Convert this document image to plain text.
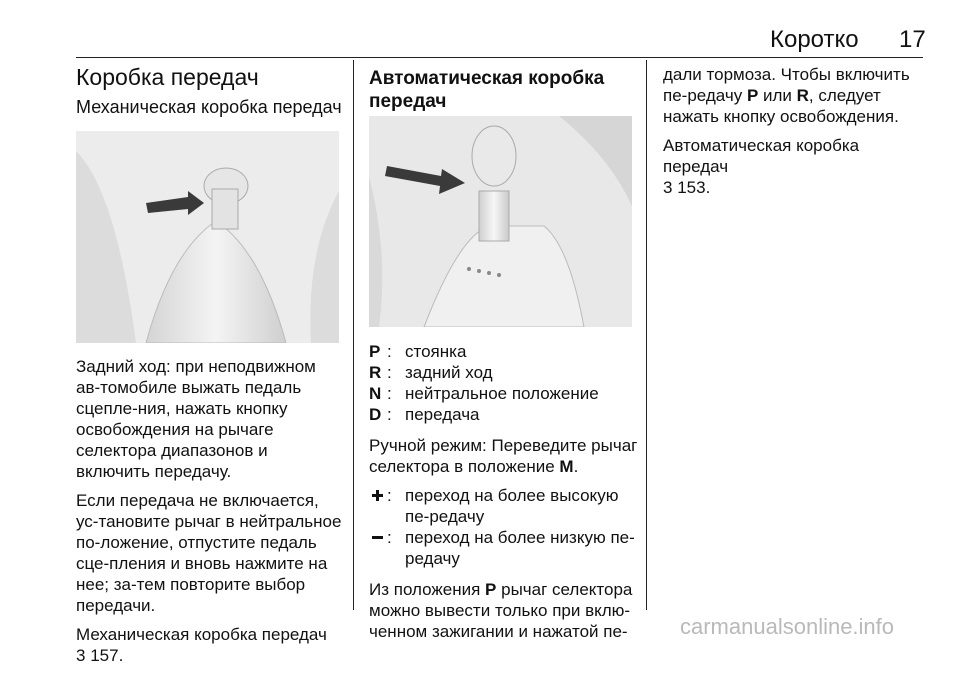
Коротко 17
Коробка передач
Механическая коробка передач

Задний ход: при неподвижном ав-томобиле выжать педаль сцепле-ния, нажать кнопку освобождения на рычаге селектора диапазонов и включить передачу.

Если передача не включается, ус-тановите рычаг в нейтральное по-ложение, отпустите педаль сце-пления и вновь нажмите на нее; за-тем повторите выбор передачи.

Механическая коробка передач
3 157.

Автоматическая коробка передач
P : стоянка
R : задний ход
N : нейтральное положение
D : передача

Ручной режим: Переведите рычаг селектора в положение M.

: переход на более высокую пе-редачу
: переход на более низкую пе-редачу

Из положения P рычаг селектора можно вывести только при вклю-ченном зажигании и нажатой пе-

дали тормоза. Чтобы включить пе-редачу P или R, следует нажать кнопку освобождения.

Автоматическая коробка передач
3 153.

carmanualsonline.info
